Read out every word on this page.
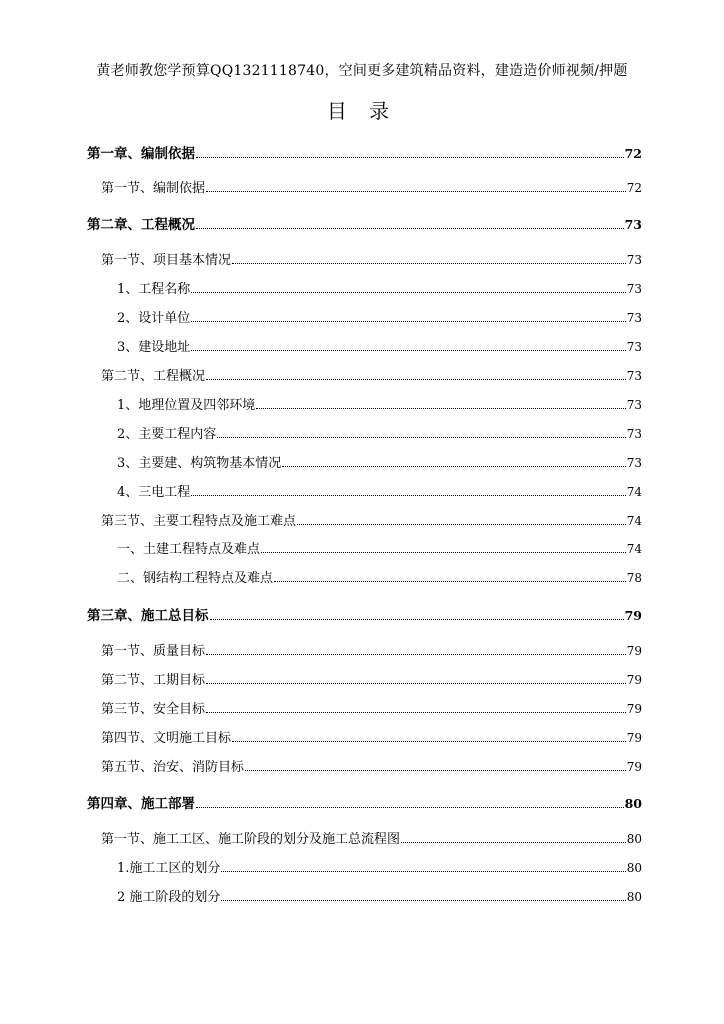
黄老师教您学预算QQ1321118740，空间更多建筑精品资料，建造造价师视频/押题
目 录
第一章、编制依据	72
第一节、编制依据	72
第二章、工程概况	73
第一节、项目基本情况	73
1、工程名称	73
2、设计单位	73
3、建设地址	73
第二节、工程概况	73
1、地理位置及四邻环境	73
2、主要工程内容	73
3、主要建、构筑物基本情况	73
4、三电工程	74
第三节、主要工程特点及施工难点	74
一、土建工程特点及难点	74
二、钢结构工程特点及难点	78
第三章、施工总目标	79
第一节、质量目标	79
第二节、工期目标	79
第三节、安全目标	79
第四节、文明施工目标	79
第五节、治安、消防目标	79
第四章、施工部署	80
第一节、施工工区、施工阶段的划分及施工总流程图	80
1.施工工区的划分	80
2 施工阶段的划分	80
